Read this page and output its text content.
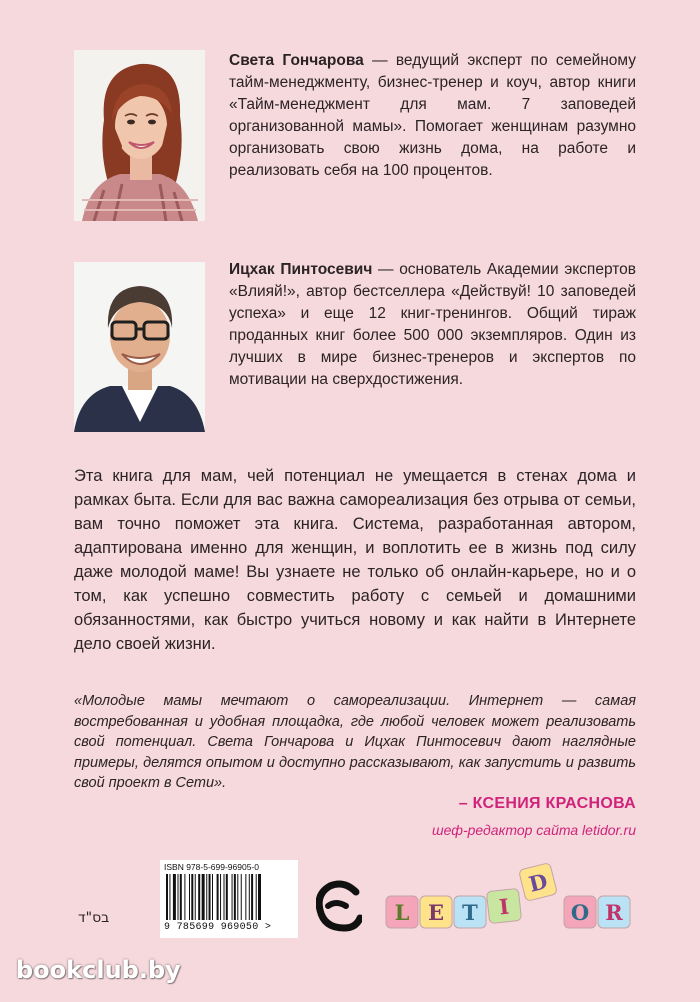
Света Гончарова — ведущий эксперт по семейному тайм-менеджменту, бизнес-тренер и коуч, автор книги «Тайм-менеджмент для мам. 7 заповедей организованной мамы». Помогает женщинам разумно организовать свою жизнь дома, на работе и реализовать себя на 100 процентов.
Ицхак Пинтосевич — основатель Академии экспертов «Влияй!», автор бестселлера «Действуй! 10 заповедей успеха» и еще 12 книг-тренингов. Общий тираж проданных книг более 500 000 экземпляров. Один из лучших в мире бизнес-тренеров и экспертов по мотивации на сверхдостижения.
Эта книга для мам, чей потенциал не умещается в стенах дома и рамках быта. Если для вас важна самореализация без отрыва от семьи, вам точно поможет эта книга. Система, разработанная автором, адаптирована именно для женщин, и воплотить ее в жизнь под силу даже молодой маме! Вы узнаете не только об онлайн-карьере, но и о том, как успешно совместить работу с семьей и домашними обязанностями, как быстро учиться новому и как найти в Интернете дело своей жизни.
«Молодые мамы мечтают о самореализации. Интернет — самая востребованная и удобная площадка, где любой человек может реализовать свой потенциал. Света Гончарова и Ицхак Пинтосевич дают наглядные примеры, делятся опытом и доступно рассказывают, как запустить и развить свой проект в Сети».
– КСЕНИЯ КРАСНОВА
шеф-редактор сайта letidor.ru
ISBN 978-5-699-96905-0
9 785699 969050 >
בס"ד	L E T I
D
O R
bookclub.by
